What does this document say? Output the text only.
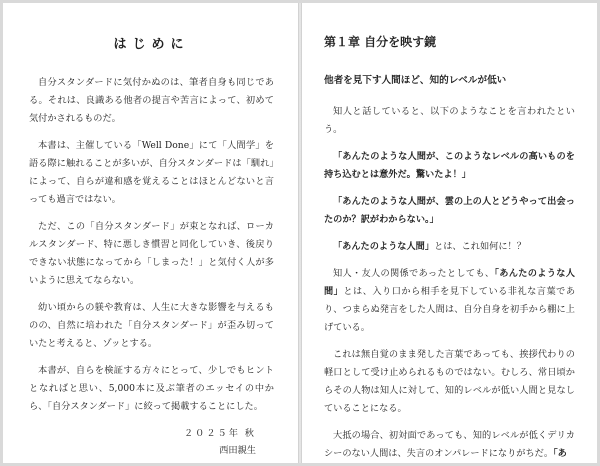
はじめに

自分スタンダードに気付かぬのは、筆者自身も同じである。それは、良識ある他者の提言や苦言によって、初めて気付かされるものだ。

本書は、主催している「Well Done」にて「人間学」を語る際に触れることが多いが、自分スタンダードは「馴れ」によって、自らが違和感を覚えることはほとんどないと言っても過言ではない。

ただ、この「自分スタンダード」が束となれば、ローカルスタンダード、特に悪しき慣習と同化していき、後戻りできない状態になってから「しまった！」と気付く人が多いように思えてならない。

幼い頃からの躾や教育は、人生に大きな影響を与えるものの、自然に培われた「自分スタンダード」が歪み切っていたと考えると、ゾッとする。

本書が、自らを検証する方々にとって、少しでもヒントとなればと思い、5,000本に及ぶ筆者のエッセイの中から、「自分スタンダード」に絞って掲載することにした。

２０２５年 秋
西田親生
第１章 自分を映す鏡
他者を見下す人間ほど、知的レベルが低い

知人と話していると、以下のようなことを言われたという。

「あんたのような人間が、このようなレベルの高いものを持ち込むとは意外だ。驚いたよ！」

「あんたのような人間が、雲の上の人とどうやって出会ったのか？訳がわからない。」

「あんたのような人間」とは、これ如何に！？

知人・友人の関係であったとしても、「あんたのような人間」とは、入り口から相手を見下している非礼な言葉であり、つまらぬ発言をした人間は、自分自身を初手から棚に上げている。

これは無自覚のまま発した言葉であっても、挨拶代わりの軽口として受け止められるものではない。むしろ、常日頃からその人物は知人に対して、知的レベルが低い人間と見なしていることになる。

大抵の場合、初対面であっても、知的レベルが低くデリカシーのない人間は、失言のオンパレードになりがちだ。「あ
